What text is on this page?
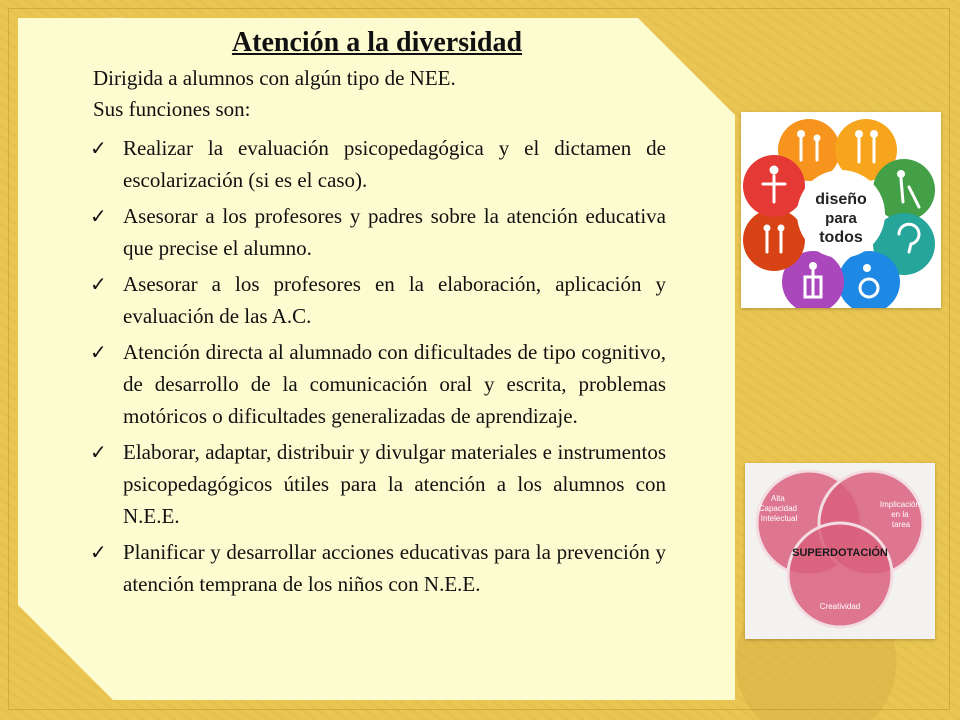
Atención a la diversidad

Dirigida a alumnos con algún tipo de NEE.

Sus funciones son:

✓ Realizar la evaluación psicopedagógica y el dictamen de escolarización (si es el caso).
✓ Asesorar a los profesores y padres sobre la atención educativa que precise el alumno.
✓ Asesorar a los profesores en la elaboración, aplicación y evaluación de las A.C.
✓ Atención directa al alumnado con dificultades de tipo cognitivo, de desarrollo de la comunicación oral y escrita, problemas motóricos o dificultades generalizadas de aprendizaje.
✓ Elaborar, adaptar, distribuir y divulgar materiales e instrumentos psicopedagógicos útiles para la atención a los alumnos con N.E.E.
✓ Planificar y desarrollar acciones educativas para la prevención y atención temprana de los niños con N.E.E.
diseño
para
todos
Alta Capacidad Intelectual
Implicación en la tarea
Creatividad
SUPERDOTACIÓN
